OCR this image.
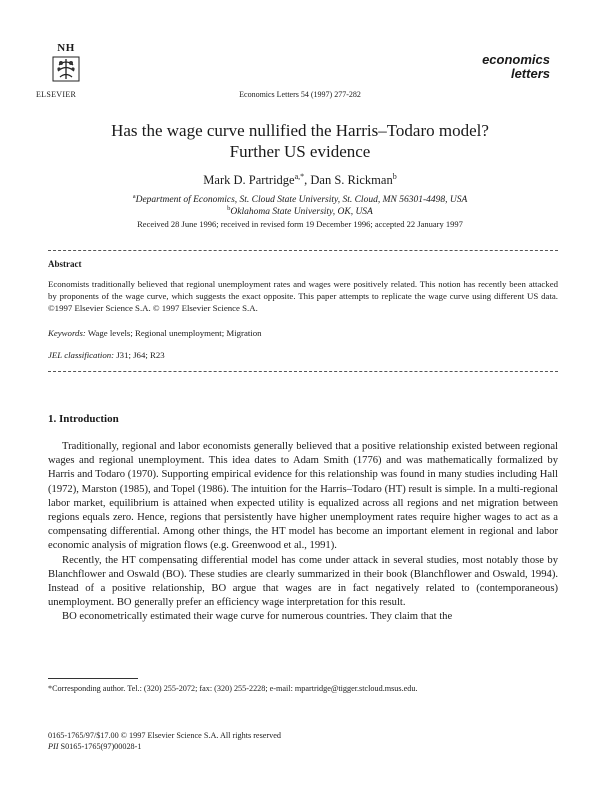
NH
ELSEVIER	Economics Letters 54 (1997) 277-282
economics
letters
Has the wage curve nullified the Harris–Todaro model?
Further US evidence
Mark D. Partridge$^{a,*}$, Dan S. Rickman$^b$
$^a$Department of Economics, St. Cloud State University, St. Cloud, MN 56301-4498, USA
$^b$Oklahoma State University, OK, USA
Received 28 June 1996; received in revised form 19 December 1996; accepted 22 January 1997
Abstract
Economists traditionally believed that regional unemployment rates and wages were positively related. This notion has recently been attacked by proponents of the wage curve, which suggests the exact opposite. This paper attempts to replicate the wage curve using different US data. ©1997 Elsevier Science S.A. © 1997 Elsevier Science S.A.
Keywords: Wage levels; Regional unemployment; Migration
JEL classification: J31; J64; R23
1. Introduction

Traditionally, regional and labor economists generally believed that a positive relationship existed between regional wages and regional unemployment. This idea dates to Adam Smith (1776) and was mathematically formalized by Harris and Todaro (1970). Supporting empirical evidence for this relationship was found in many studies including Hall (1972), Marston (1985), and Topel (1986). The intuition for the Harris–Todaro (HT) result is simple. In a multi-regional labor market, equilibrium is attained when expected utility is equalized across all regions and net migration between regions equals zero. Hence, regions that persistently have higher unemployment rates require higher wages to act as a compensating differential. Among other things, the HT model has become an important element in regional and labor economic analysis of migration flows (e.g. Greenwood et al., 1991).

Recently, the HT compensating differential model has come under attack in several studies, most notably those by Blanchflower and Oswald (BO). These studies are clearly summarized in their book (Blanchflower and Oswald, 1994). Instead of a positive relationship, BO argue that wages are in fact negatively related to (contemporaneous) unemployment. BO generally prefer an efficiency wage interpretation for this result.

BO econometrically estimated their wage curve for numerous countries. They claim that the

*Corresponding author. Tel.: (320) 255-2072; fax: (320) 255-2228; e-mail: mpartridge@tigger.stcloud.msus.edu.
0165-1765/97/$17.00 © 1997 Elsevier Science S.A. All rights reserved
PII S0165-1765(97)00028-1
